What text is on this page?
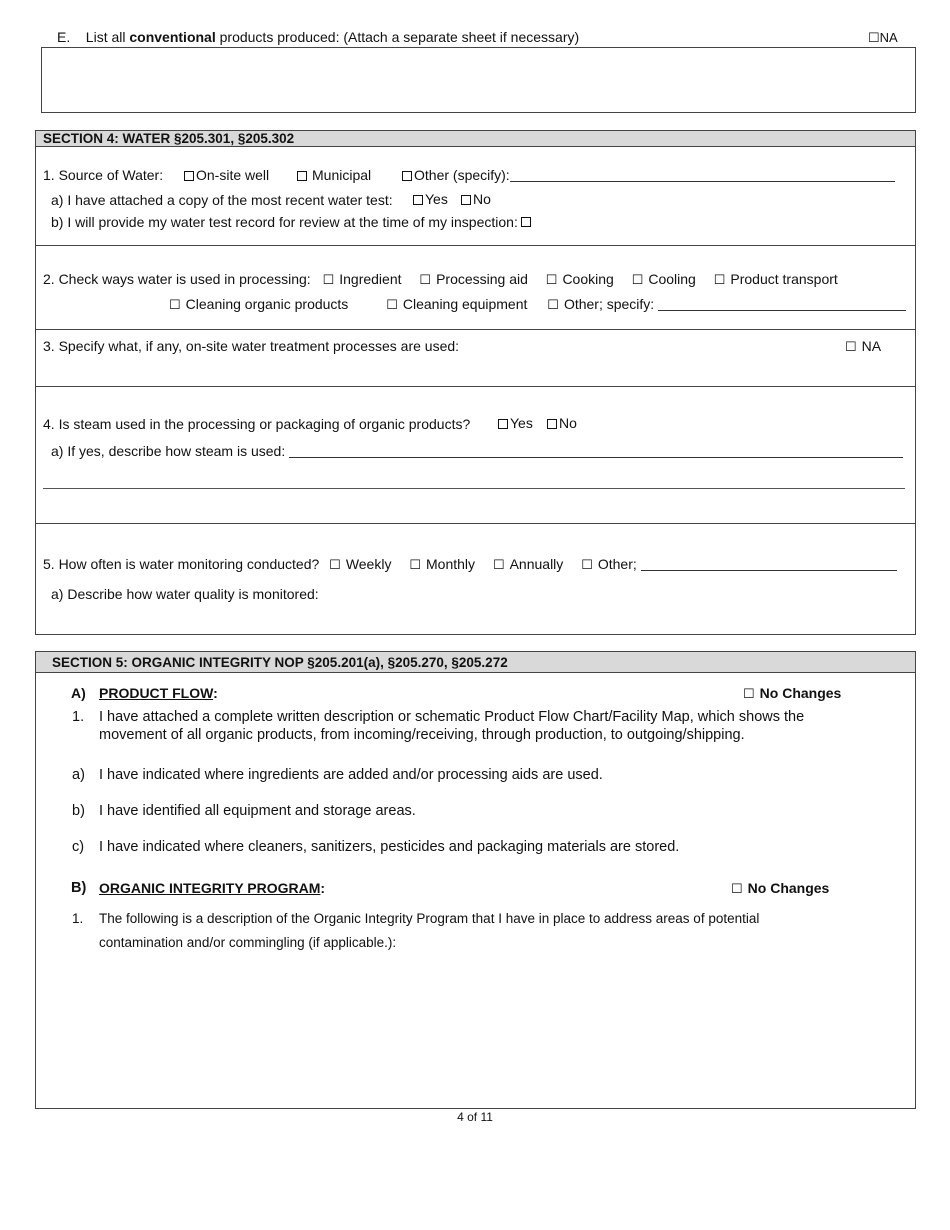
E. List all conventional products produced: (Attach a separate sheet if necessary)	☐NA
SECTION 4: WATER §205.301, §205.302
1. Source of Water:	On-site well	Municipal	Other (specify):
a) I have attached a copy of the most recent water test:	Yes	No
b) I will provide my water test record for review at the time of my inspection:
2. Check ways water is used in processing: ☐ Ingredient ☐ Processing aid ☐ Cooking ☐ Cooling ☐ Product transport
☐ Cleaning organic products	☐ Cleaning equipment ☐ Other; specify:
3. Specify what, if any, on-site water treatment processes are used:	☐ NA
4. Is steam used in the processing or packaging of organic products?	Yes	No
a) If yes, describe how steam is used:
5. How often is water monitoring conducted? ☐ Weekly ☐ Monthly ☐ Annually ☐ Other;
a) Describe how water quality is monitored:
SECTION 5: ORGANIC INTEGRITY NOP §205.201(a), §205.270, §205.272
A) PRODUCT FLOW:	☐ No Changes
1. I have attached a complete written description or schematic Product Flow Chart/Facility Map, which shows the
movement of all organic products, from incoming/receiving, through production, to outgoing/shipping.
a) I have indicated where ingredients are added and/or processing aids are used.
b) I have identified all equipment and storage areas.
c) I have indicated where cleaners, sanitizers, pesticides and packaging materials are stored.
B) ORGANIC INTEGRITY PROGRAM:	☐ No Changes
1. The following is a description of the Organic Integrity Program that I have in place to address areas of potential
contamination and/or commingling (if applicable.):
4 of 11
